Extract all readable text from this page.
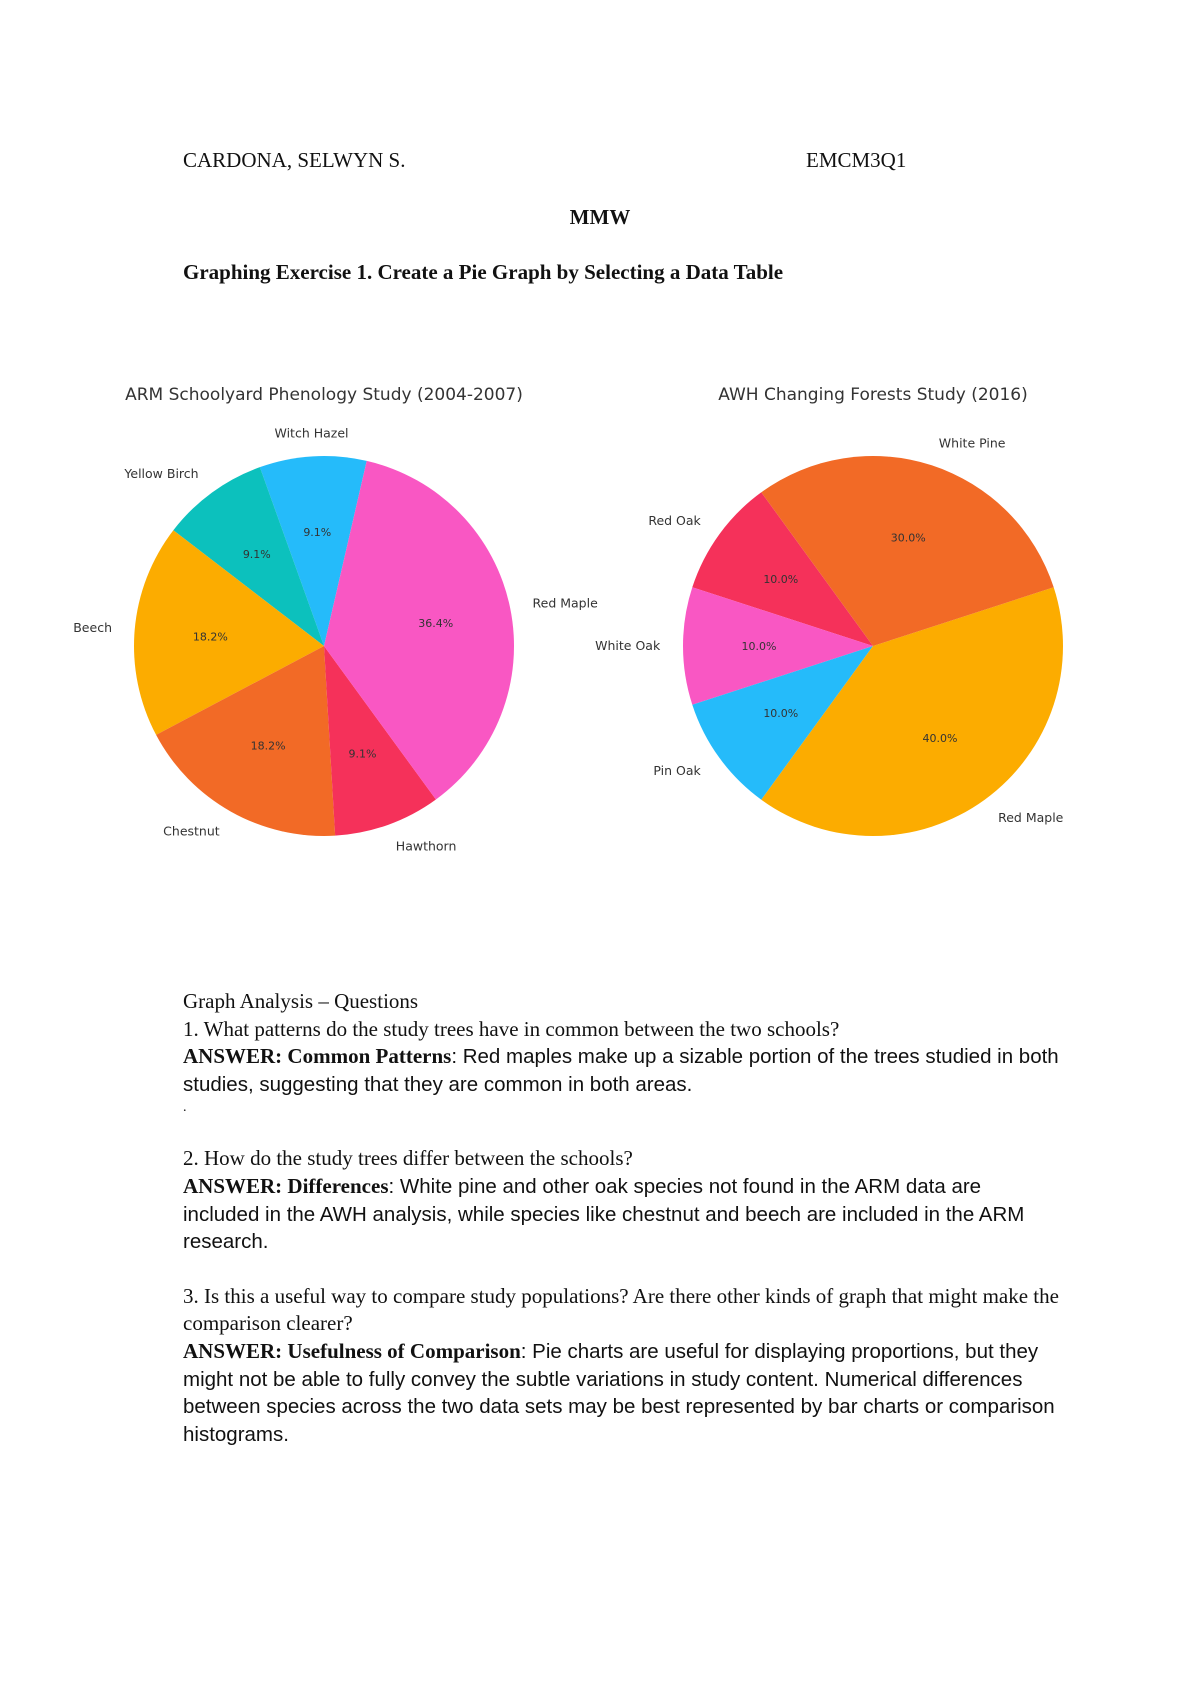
CARDONA, SELWYN S.	EMCM3Q1
MMW
Graphing Exercise 1. Create a Pie Graph by Selecting a Data Table
ARM Schoolyard Phenology Study (2004-2007)
Red Maple
36.4%
Hawthorn
9.1%
Chestnut
18.2%
Beech
18.2%
Yellow Birch
9.1%
Witch Hazel
9.1%
AWH Changing Forests Study (2016)
White Pine
30.0%
Red Maple
40.0%
Pin Oak
10.0%
White Oak	10.0%
Red Oak
10.0%

Graph Analysis – Questions

1. What patterns do the study trees have in common between the two schools?

ANSWER: Common Patterns: Red maples make up a sizable portion of the trees studied in both studies, suggesting that they are common in both areas.

.

2. How do the study trees differ between the schools?

ANSWER: Differences: White pine and other oak species not found in the ARM data are included in the AWH analysis, while species like chestnut and beech are included in the ARM research.

3. Is this a useful way to compare study populations? Are there other kinds of graph that might make the comparison clearer?

ANSWER: Usefulness of Comparison: Pie charts are useful for displaying proportions, but they might not be able to fully convey the subtle variations in study content. Numerical differences between species across the two data sets may be best represented by bar charts or comparison histograms.
